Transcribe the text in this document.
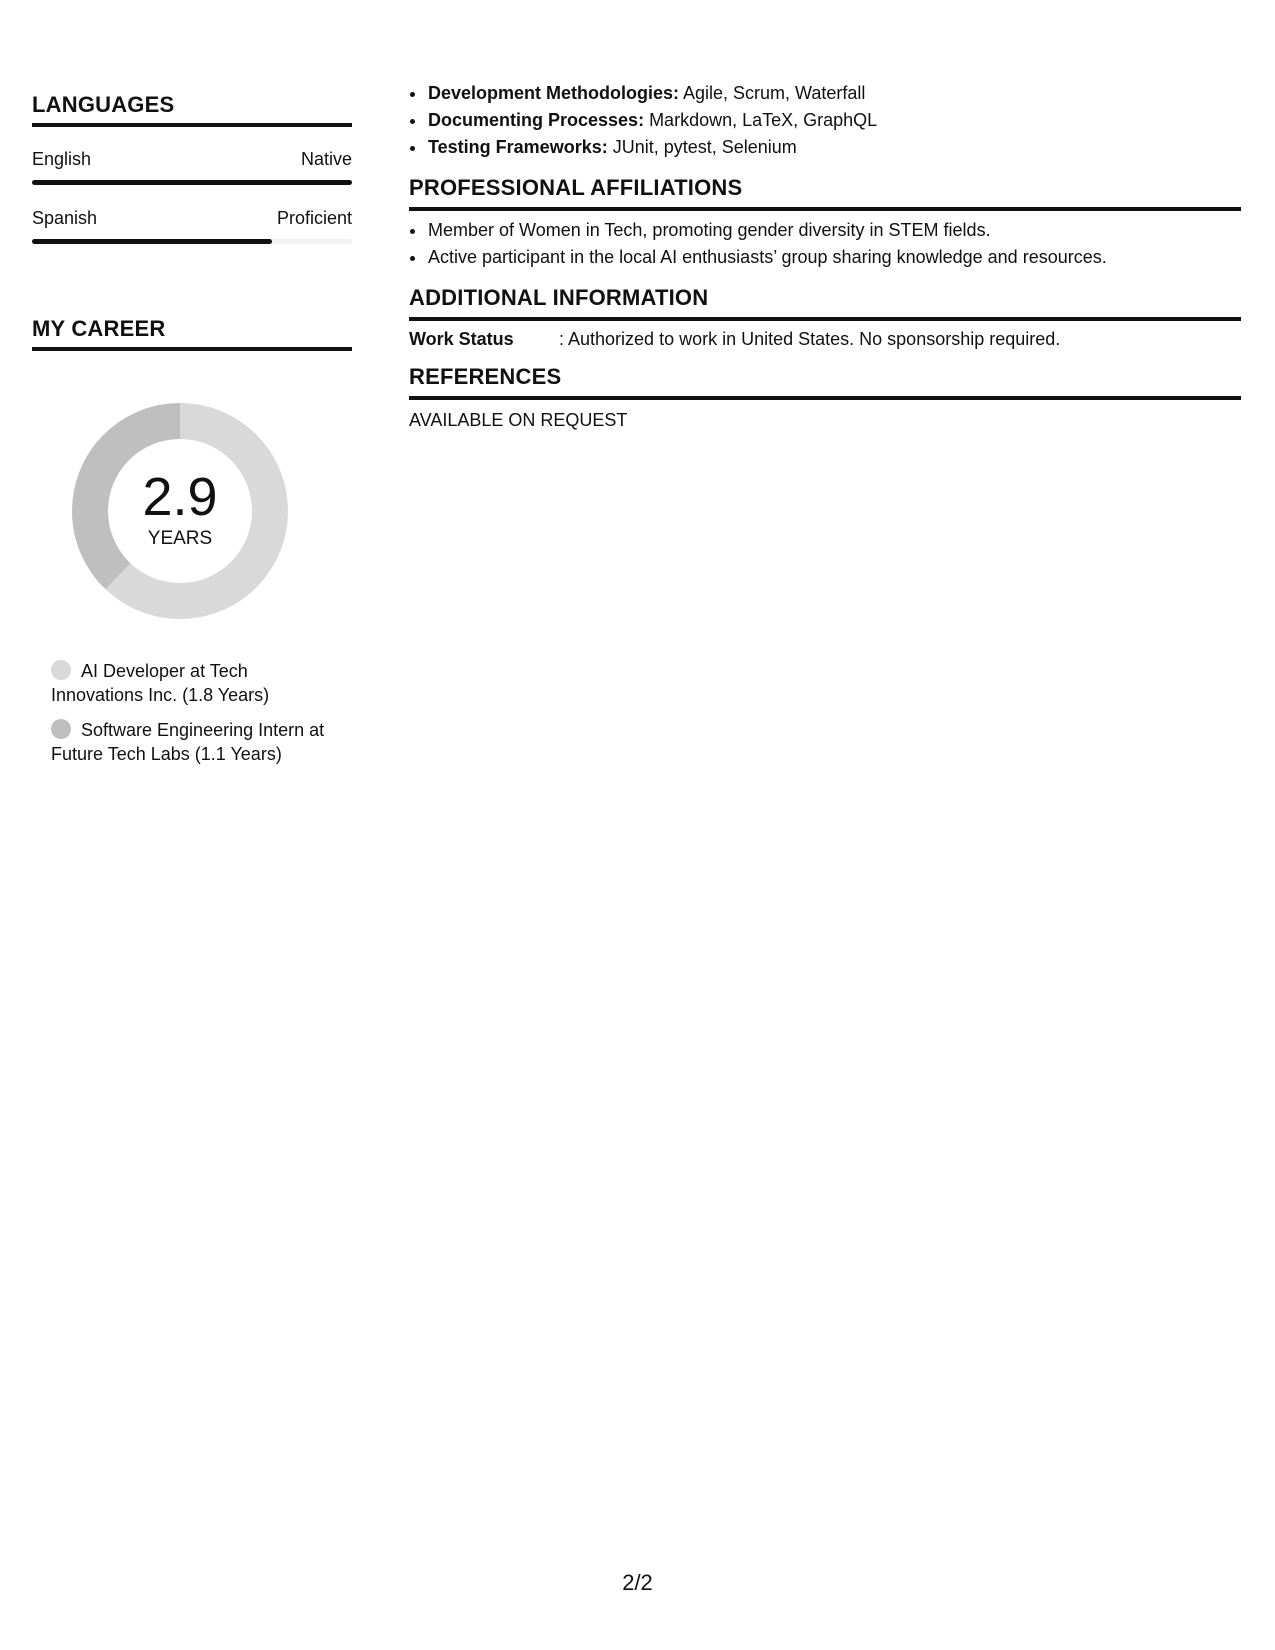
LANGUAGES
English	Native
Spanish	Proficient
MY CAREER
2.9
YEARS
AI Developer at Tech Innovations Inc. (1.8 Years)
Software Engineering Intern at Future Tech Labs (1.1 Years)
• Development Methodologies: Agile, Scrum, Waterfall
• Documenting Processes: Markdown, LaTeX, GraphQL
• Testing Frameworks: JUnit, pytest, Selenium
PROFESSIONAL AFFILIATIONS
• Member of Women in Tech, promoting gender diversity in STEM fields.
• Active participant in the local AI enthusiasts’ group sharing knowledge and resources.
ADDITIONAL INFORMATION
Work Status	: Authorized to work in United States. No sponsorship required.
REFERENCES
AVAILABLE ON REQUEST
2/2
